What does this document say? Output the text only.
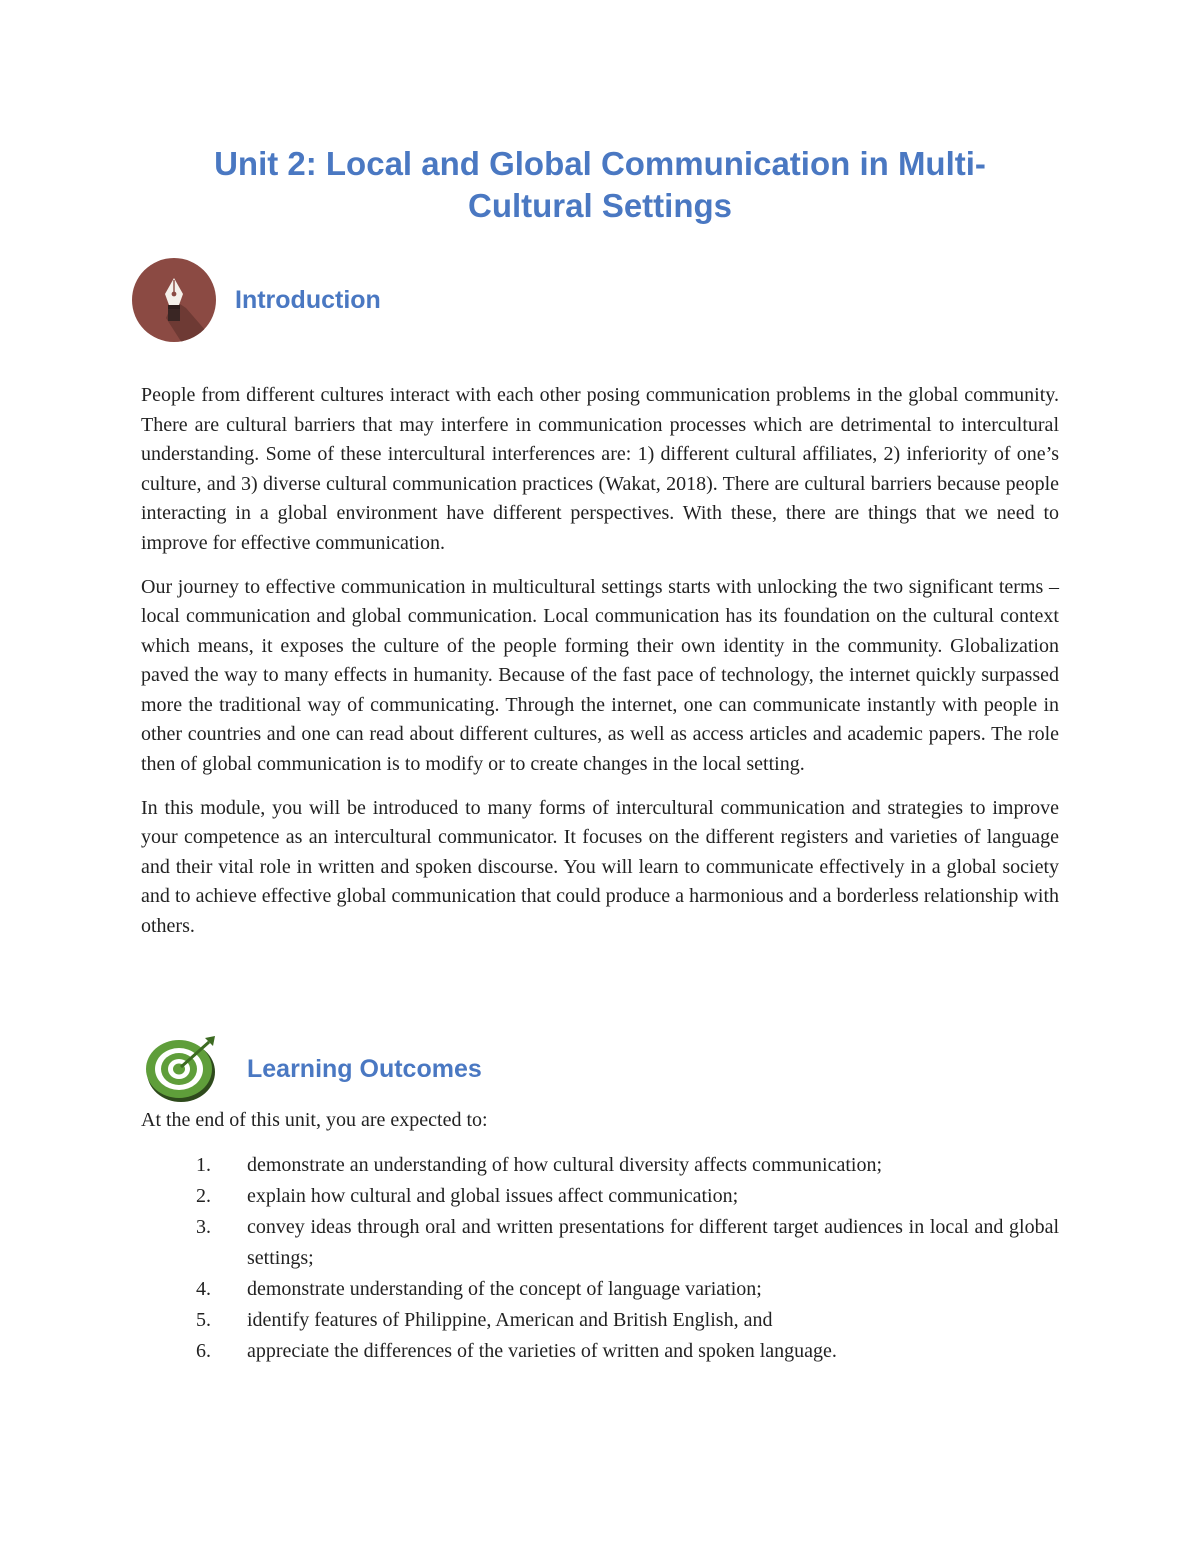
Unit 2: Local and Global Communication in Multi-
Cultural Settings
Introduction

People from different cultures interact with each other posing communication problems in the global community. There are cultural barriers that may interfere in communication processes which are detrimental to intercultural understanding. Some of these intercultural interferences are: 1) different cultural affiliates, 2) inferiority of one’s culture, and 3) diverse cultural communication practices (Wakat, 2018). There are cultural barriers because people interacting in a global environment have different perspectives. With these, there are things that we need to improve for effective communication.

Our journey to effective communication in multicultural settings starts with unlocking the two significant terms – local communication and global communication. Local communication has its foundation on the cultural context which means, it exposes the culture of the people forming their own identity in the community. Globalization paved the way to many effects in humanity. Because of the fast pace of technology, the internet quickly surpassed more the traditional way of communicating. Through the internet, one can communicate instantly with people in other countries and one can read about different cultures, as well as access articles and academic papers. The role then of global communication is to modify or to create changes in the local setting.

In this module, you will be introduced to many forms of intercultural communication and strategies to improve your competence as an intercultural communicator. It focuses on the different registers and varieties of language and their vital role in written and spoken discourse. You will learn to communicate effectively in a global society and to achieve effective global communication that could produce a harmonious and a borderless relationship with others.

Learning Outcomes

At the end of this unit, you are expected to:

1. demonstrate an understanding of how cultural diversity affects communication;
2. explain how cultural and global issues affect communication;
3. convey ideas through oral and written presentations for different target audiences in local and global settings;
4. demonstrate understanding of the concept of language variation;
5. identify features of Philippine, American and British English, and
6. appreciate the differences of the varieties of written and spoken language.
